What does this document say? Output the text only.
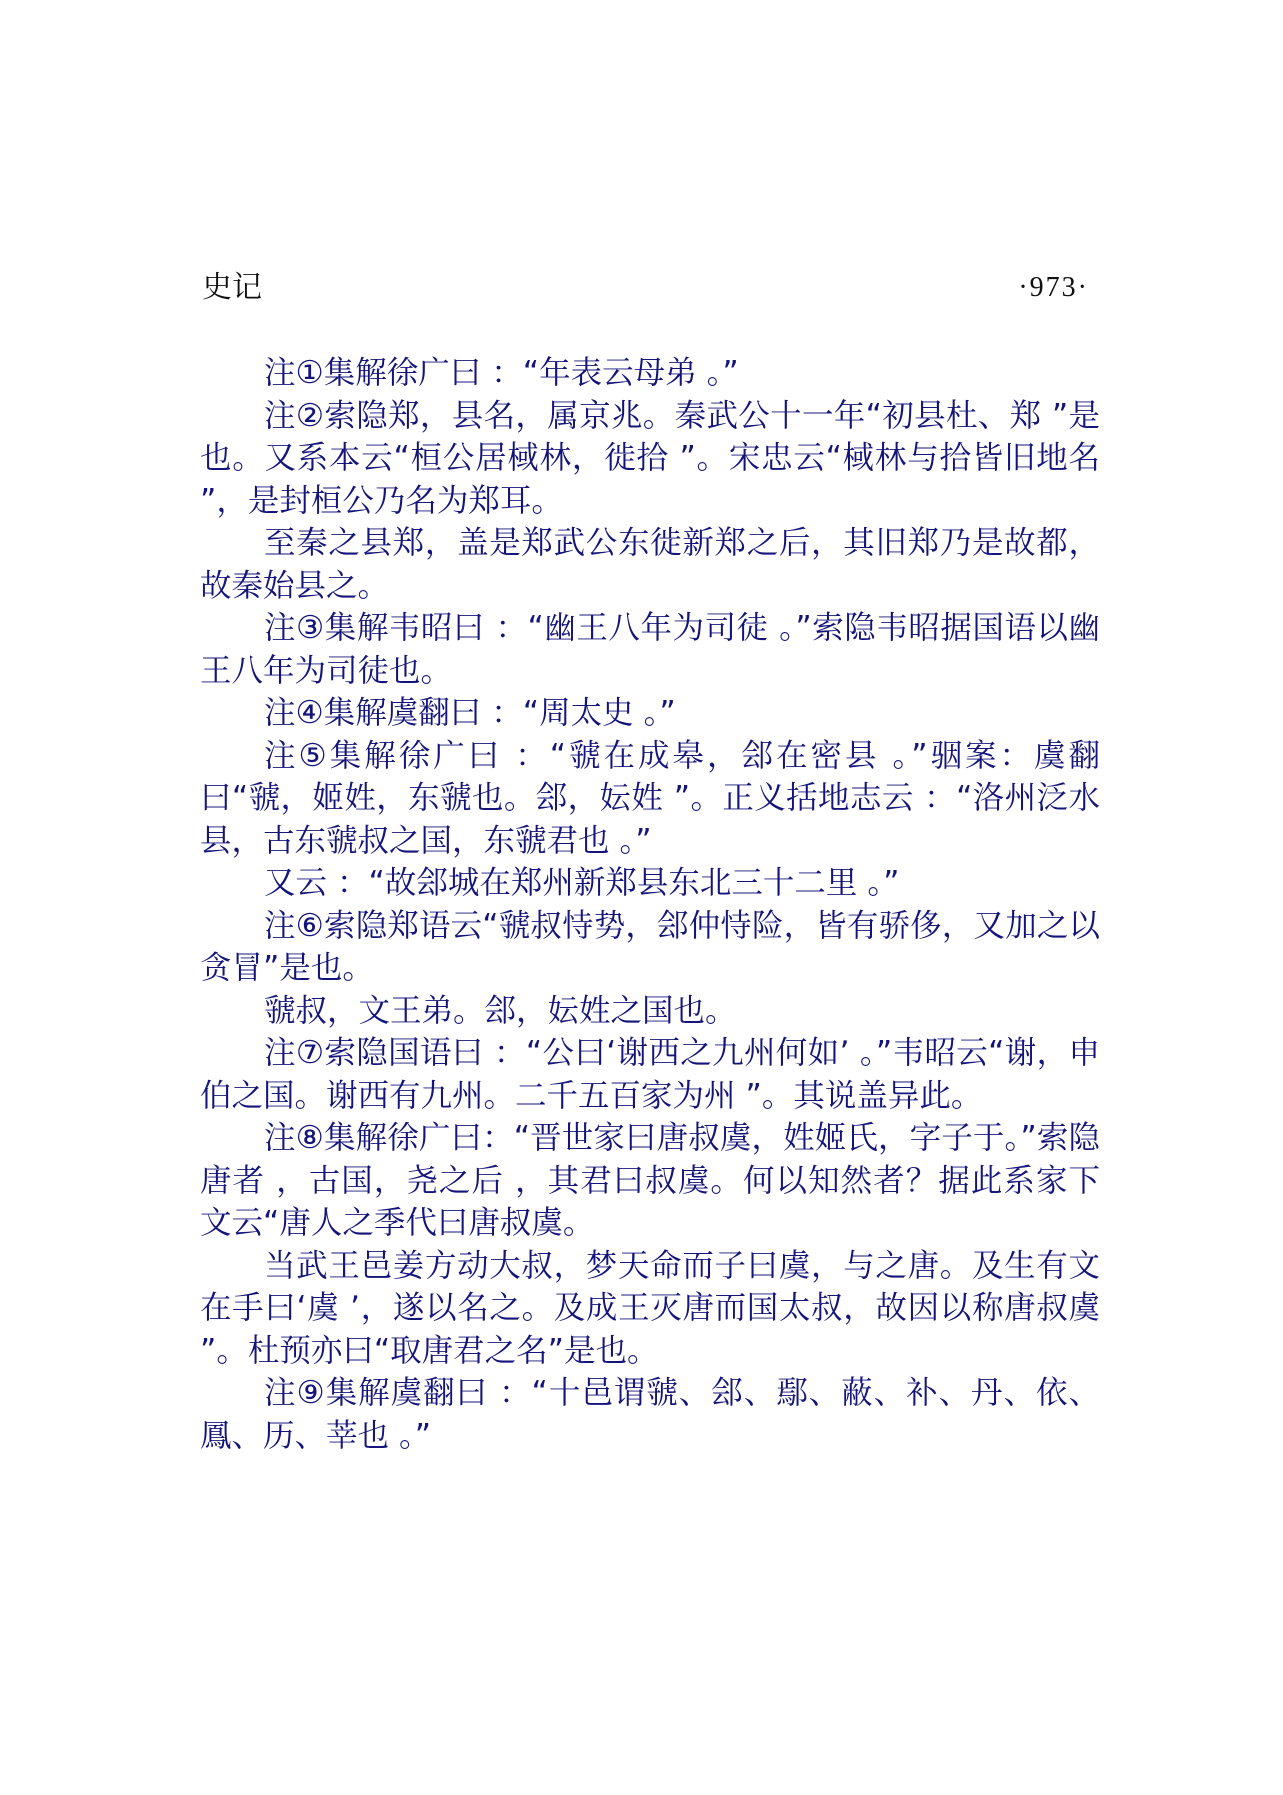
史记	·973·

注①集解徐广曰 ：“年表云母弟 。”

注②索隐郑，县名，属京兆。秦武公十一年“初县杜、郑 ”是也。又系本云“桓公居棫林，徙拾 ”。宋忠云“棫林与拾皆旧地名 ”，是封桓公乃名为郑耳。

至秦之县郑，盖是郑武公东徙新郑之后，其旧郑乃是故都，故秦始县之。

注③集解韦昭曰 ：“幽王八年为司徒 。”索隐韦昭据国语以幽王八年为司徒也。

注④集解虞翻曰 ：“周太史 。”

注⑤集解徐广曰 ：“虢在成皋，郐在密县 。”骃案：虞翻曰“虢，姬姓，东虢也。郐，妘姓 ”。正义括地志云 ：“洛州泛水县，古东虢叔之国，东虢君也 。”

又云 ：“故郐城在郑州新郑县东北三十二里 。”

注⑥索隐郑语云“虢叔恃势，郐仲恃险，皆有骄侈，又加之以贪冒”是也。

虢叔，文王弟。郐，妘姓之国也。

注⑦索隐国语曰 ：“公曰‘谢西之九州何如’ 。”韦昭云“谢，申伯之国。谢西有九州。二千五百家为州 ”。其说盖异此。

注⑧集解徐广曰：“晋世家曰唐叔虞，姓姬氏，字子于。”索隐唐者 ，古国，尧之后 ，其君曰叔虞。何以知然者？据此系家下文云“唐人之季代曰唐叔虞。

当武王邑姜方动大叔，梦天命而子曰虞，与之唐。及生有文在手曰‘虞 ’，遂以名之。及成王灭唐而国太叔，故因以称唐叔虞 ”。杜预亦曰“取唐君之名”是也。

注⑨集解虞翻曰 ：“十邑谓虢、郐、鄢、蔽、补、丹、依、鳳、历、莘也 。”
